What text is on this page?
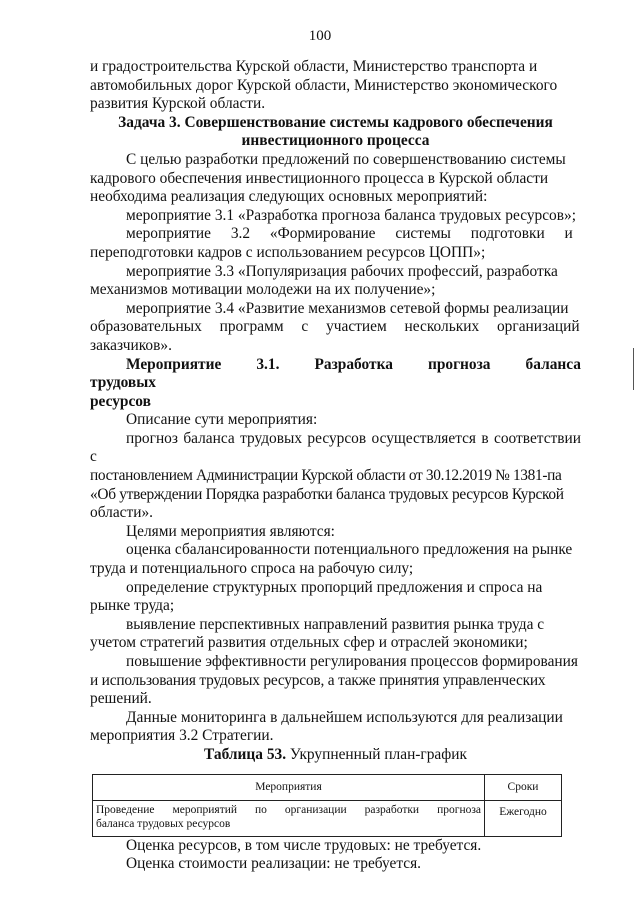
100

и градостроительства Курской области, Министерство транспорта и

автомобильных дорог Курской области, Министерство экономического

развития Курской области.

Задача 3. Совершенствование системы кадрового обеспечения

инвестиционного процесса

С целью разработки предложений по совершенствованию системы

кадрового обеспечения инвестиционного процесса в Курской области

необходима реализация следующих основных мероприятий:

мероприятие 3.1 «Разработка прогноза баланса трудовых ресурсов»;

мероприятие 3.2 «Формирование системы подготовки и

переподготовки кадров с использованием ресурсов ЦОПП»;

мероприятие 3.3 «Популяризация рабочих профессий, разработка

механизмов мотивации молодежи на их получение»;

мероприятие 3.4 «Развитие механизмов сетевой формы реализации

образовательных программ с участием нескольких организаций

заказчиков».

Мероприятие 3.1. Разработка прогноза баланса трудовых

ресурсов

Описание сути мероприятия:

прогноз баланса трудовых ресурсов осуществляется в соответствии с

постановлением Администрации Курской области от 30.12.2019 № 1381-па

«Об утверждении Порядка разработки баланса трудовых ресурсов Курской

области».

Целями мероприятия являются:

оценка сбалансированности потенциального предложения на рынке

труда и потенциального спроса на рабочую силу;

определение структурных пропорций предложения и спроса на

рынке труда;

выявление перспективных направлений развития рынка труда с

учетом стратегий развития отдельных сфер и отраслей экономики;

повышение эффективности регулирования процессов формирования

и использования трудовых ресурсов, а также принятия управленческих

решений.

Данные мониторинга в дальнейшем используются для реализации

мероприятия 3.2 Стратегии.

Таблица 53. Укрупненный план-график

Мероприятия	Сроки

Проведение мероприятий по организации разработки прогноза
баланса трудовых ресурсов	Ежегодно

Оценка ресурсов, в том числе трудовых: не требуется.

Оценка стоимости реализации: не требуется.
